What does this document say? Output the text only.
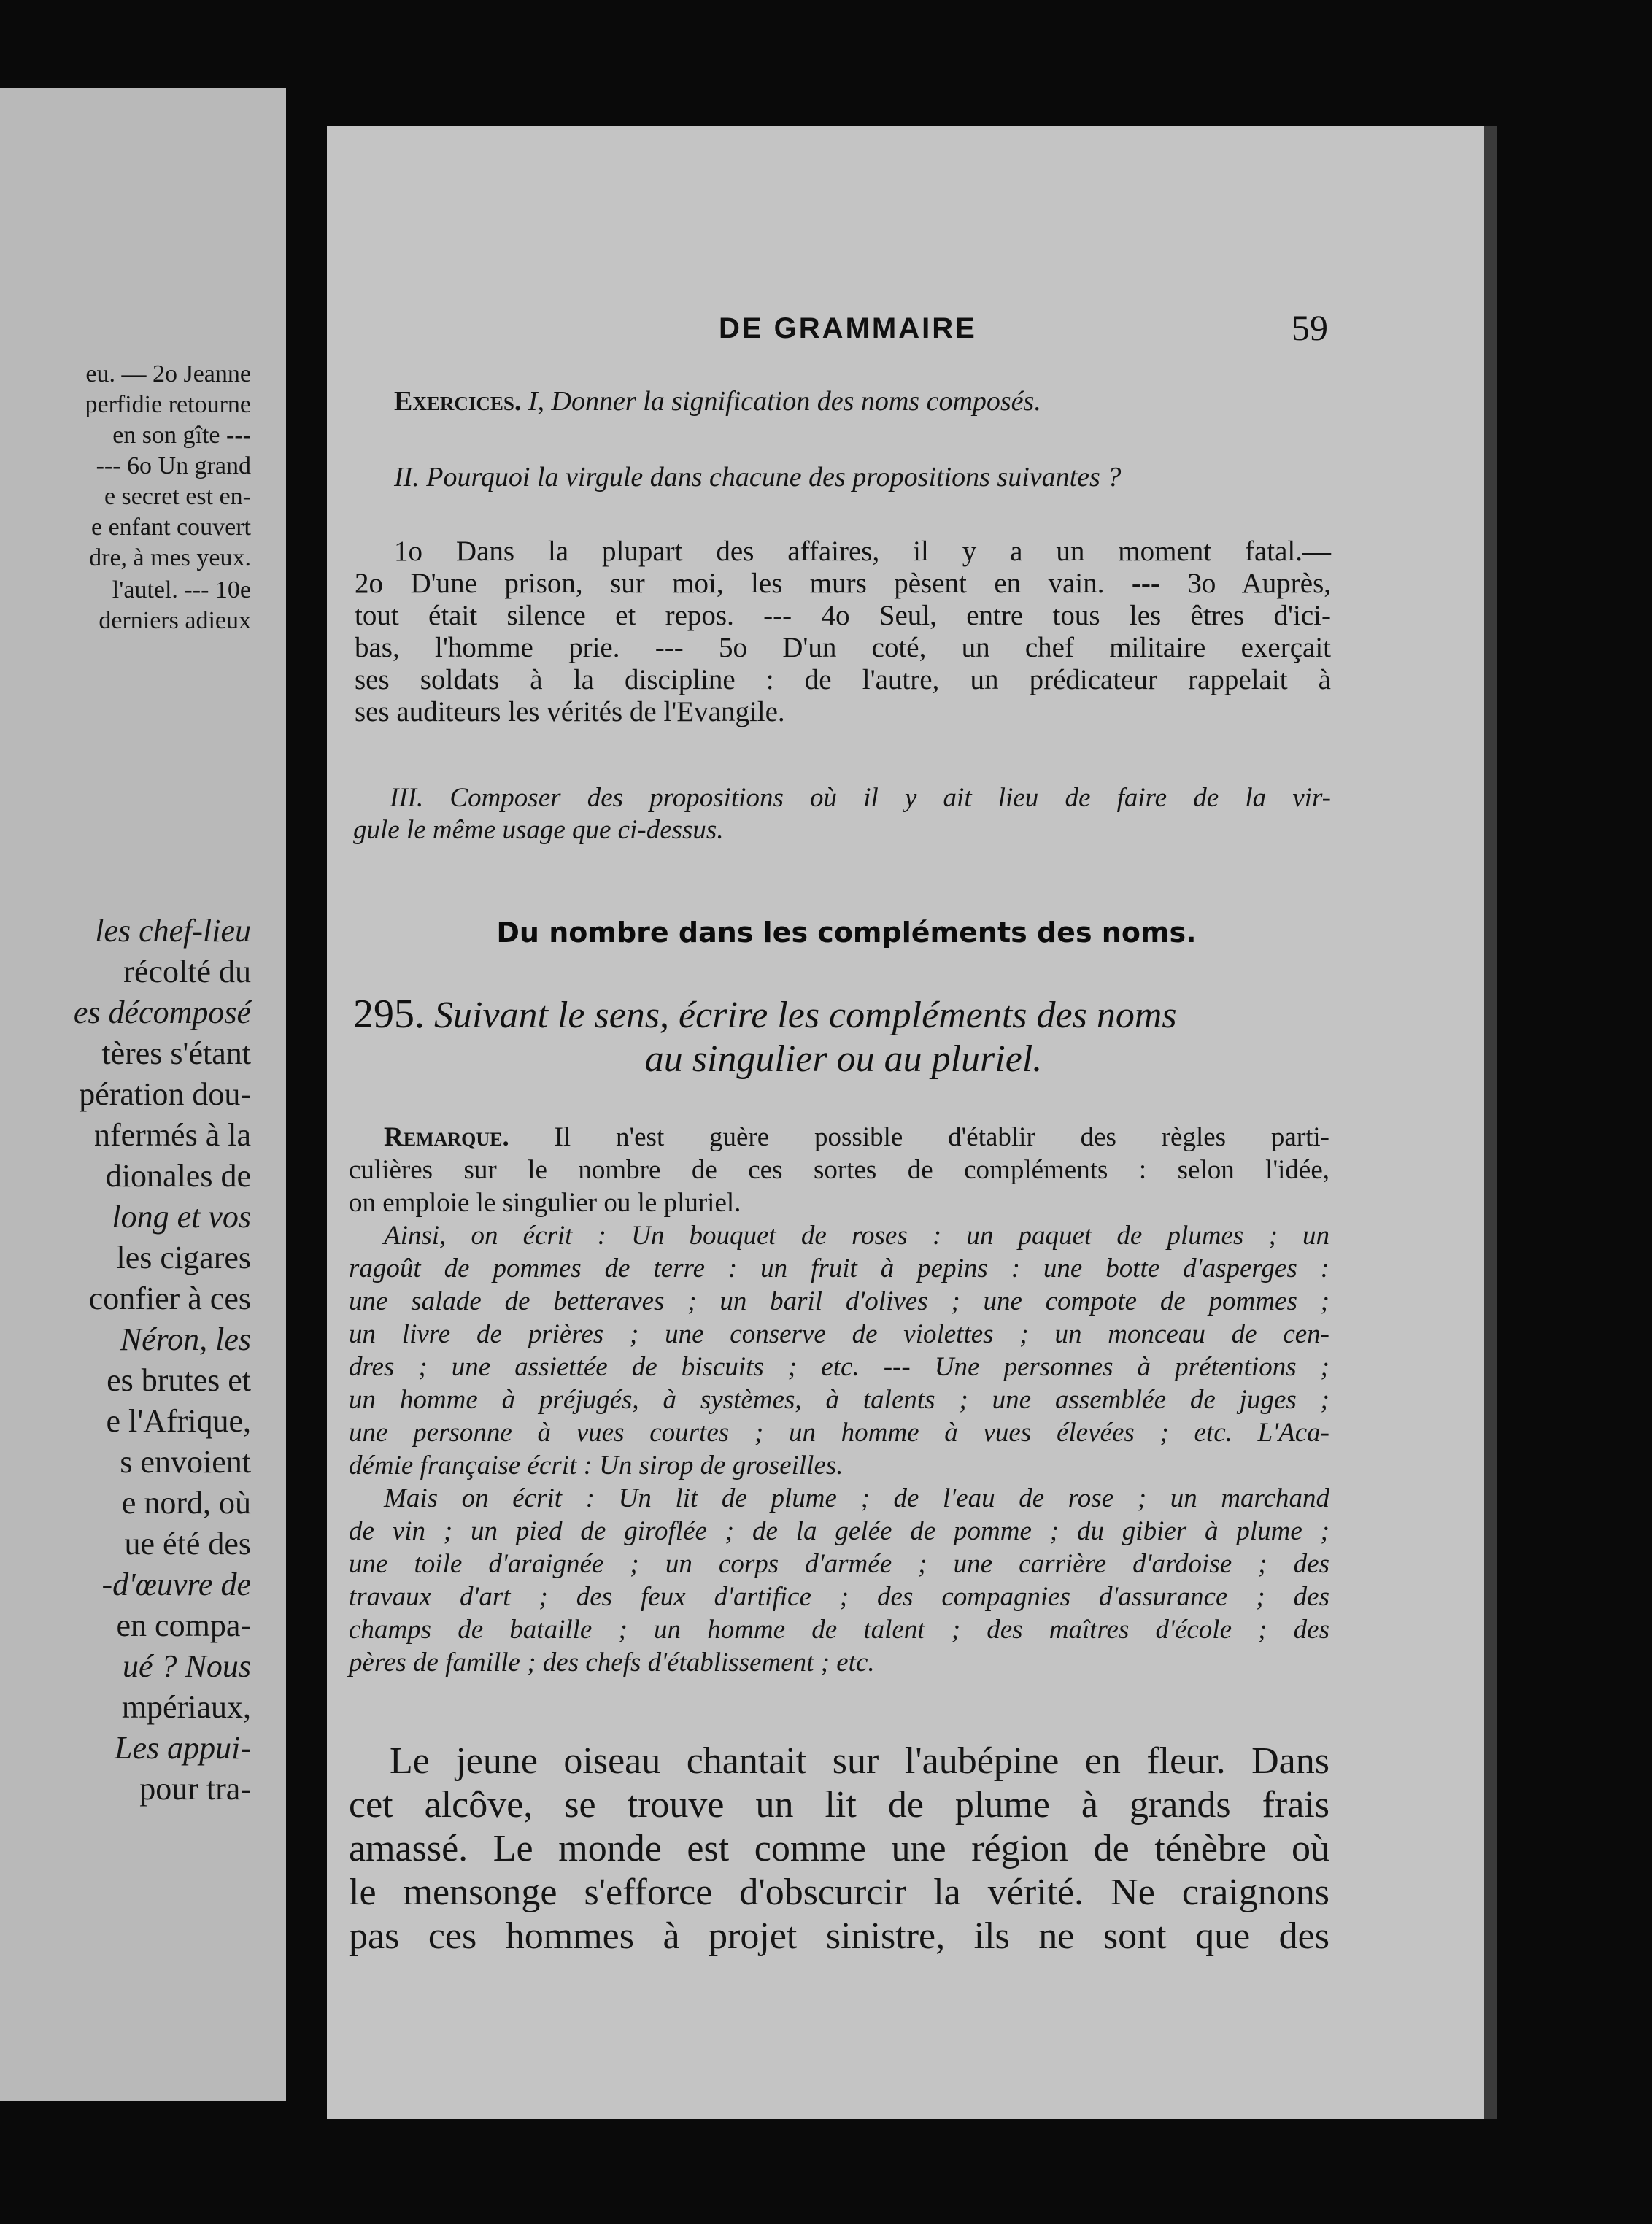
eu. — 2o Jeanne
perfidie retourne
en son gîte ---
--- 6o Un grand
e secret est en-
e enfant couvert
dre, à mes yeux.
l'autel. --- 10e
derniers adieux
les chef-lieu
récolté du
es décomposé
tères s'étant
pération dou-
nfermés à la
dionales de
long et vos
les cigares
confier à ces
Néron, les
es brutes et
e l'Afrique,
s envoient
e nord, où
ue été des
-d'œuvre de
en compa-
ué ? Nous
mpériaux,
Les appui-
pour tra-
DE GRAMMAIRE	59

Exercices. I, Donner la signification des noms composés.

II. Pourquoi la virgule dans chacune des propositions suivantes ?

1o Dans la plupart des affaires, il y a un moment fatal.—
2o D'une prison, sur moi, les murs pèsent en vain. --- 3o Auprès,
tout était silence et repos. --- 4o Seul, entre tous les êtres d'ici-
bas, l'homme prie. --- 5o D'un coté, un chef militaire exerçait
ses soldats à la discipline : de l'autre, un prédicateur rappelait à
ses auditeurs les vérités de l'Evangile.
III. Composer des propositions où il y ait lieu de faire de la vir-
gule le même usage que ci-dessus.
Du nombre dans les compléments des noms.
295. Suivant le sens, écrire les compléments des noms
au singulier ou au pluriel.
Remarque. Il n'est guère possible d'établir des règles parti-
culières sur le nombre de ces sortes de compléments : selon l'idée,
on emploie le singulier ou le pluriel.
Ainsi, on écrit : Un bouquet de roses : un paquet de plumes ; un
ragoût de pommes de terre : un fruit à pepins : une botte d'asperges :
une salade de betteraves ; un baril d'olives ; une compote de pommes ;
un livre de prières ; une conserve de violettes ; un monceau de cen-
dres ; une assiettée de biscuits ; etc. --- Une personnes à prétentions ;
un homme à préjugés, à systèmes, à talents ; une assemblée de juges ;
une personne à vues courtes ; un homme à vues élevées ; etc. L'Aca-
démie française écrit : Un sirop de groseilles.
Mais on écrit : Un lit de plume ; de l'eau de rose ; un marchand
de vin ; un pied de giroflée ; de la gelée de pomme ; du gibier à plume ;
une toile d'araignée ; un corps d'armée ; une carrière d'ardoise ; des
travaux d'art ; des feux d'artifice ; des compagnies d'assurance ; des
champs de bataille ; un homme de talent ; des maîtres d'école ; des
pères de famille ; des chefs d'établissement ; etc.
Le jeune oiseau chantait sur l'aubépine en fleur. Dans
cet alcôve, se trouve un lit de plume à grands frais
amassé. Le monde est comme une région de ténèbre où
le mensonge s'efforce d'obscurcir la vérité. Ne craignons
pas ces hommes à projet sinistre, ils ne sont que des
